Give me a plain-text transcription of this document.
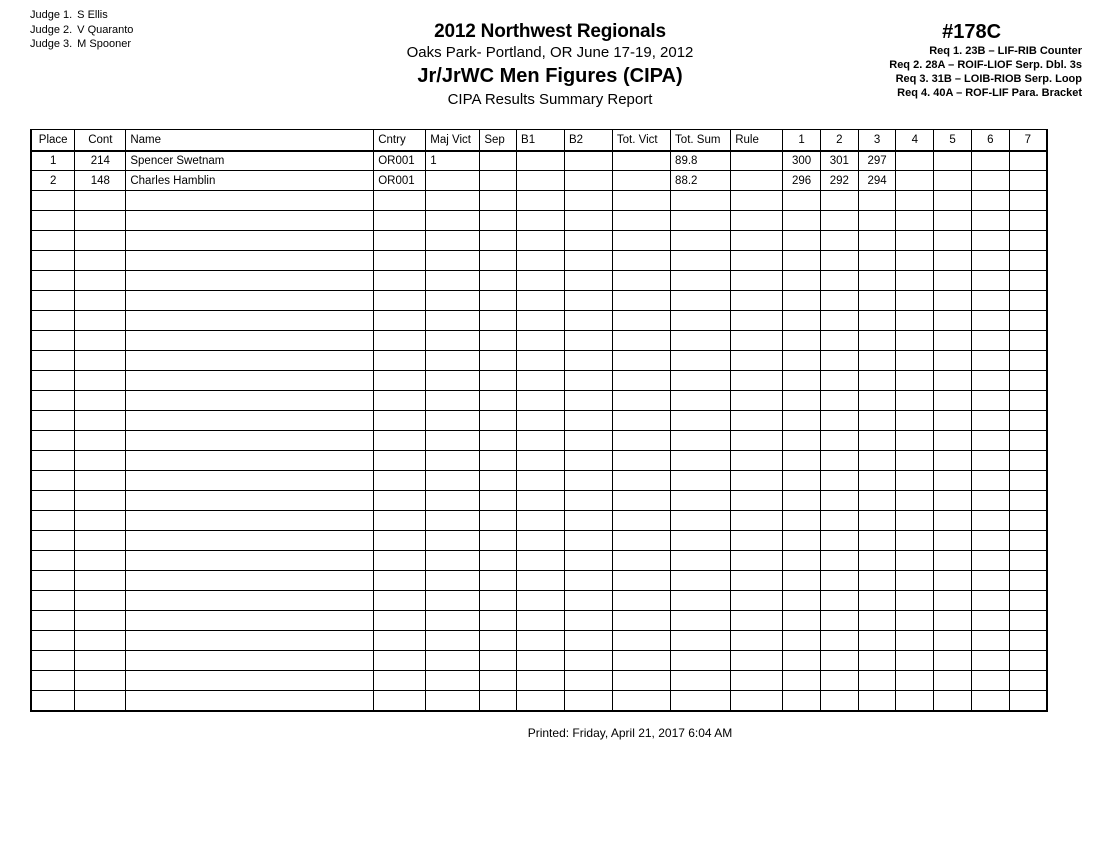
Judge 1. S Ellis
Judge 2. V Quaranto
Judge 3. M Spooner
2012 Northwest Regionals
Oaks Park- Portland, OR June 17-19, 2012
Jr/JrWC Men Figures (CIPA)
CIPA Results Summary Report
#178C
Req 1. 23B – LIF-RIB Counter
Req 2. 28A – ROIF-LIOF Serp. Dbl. 3s
Req 3. 31B – LOIB-RIOB Serp. Loop
Req 4. 40A – ROF-LIF Para. Bracket
Place	Cont	Name	Cntry	Maj Vict	Sep	B1	B2	Tot. Vict	Tot. Sum	Rule	1	2	3	4	5	6	7
1	214	Spencer Swetnam	OR001	1					89.8		300	301	297				
2	148	Charles Hamblin	OR001						88.2		296	292	294				

Printed: Friday, April 21, 2017 6:04 AM
